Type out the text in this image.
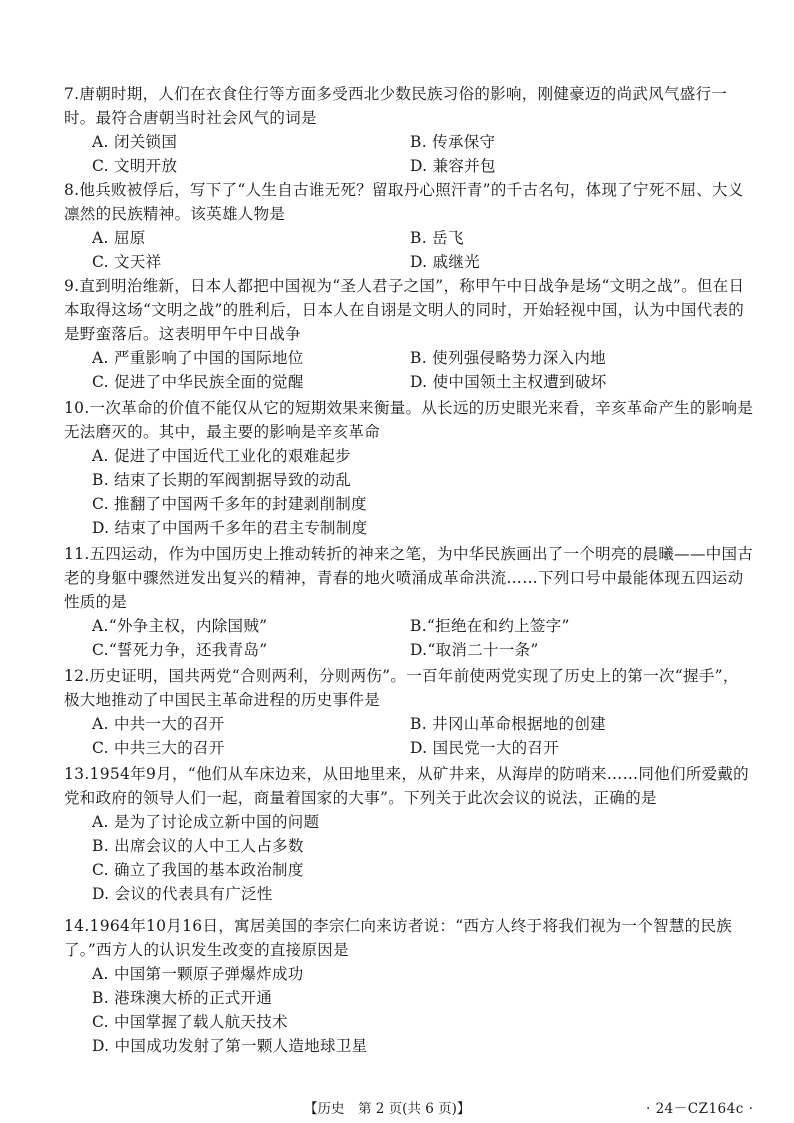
7.唐朝时期，人们在衣食住行等方面多受西北少数民族习俗的影响，刚健豪迈的尚武风气盛行一时。最符合唐朝当时社会风气的词是

A. 闭关锁国	B. 传承保守
C. 文明开放	D. 兼容并包

8.他兵败被俘后，写下了“人生自古谁无死？留取丹心照汗青”的千古名句，体现了宁死不屈、大义凛然的民族精神。该英雄人物是

A. 屈原	B. 岳飞
C. 文天祥	D. 戚继光

9.直到明治维新，日本人都把中国视为“圣人君子之国”，称甲午中日战争是场“文明之战”。但在日本取得这场“文明之战”的胜利后，日本人在自诩是文明人的同时，开始轻视中国，认为中国代表的是野蛮落后。这表明甲午中日战争

A. 严重影响了中国的国际地位	B. 使列强侵略势力深入内地
C. 促进了中华民族全面的觉醒	D. 使中国领土主权遭到破坏

10.一次革命的价值不能仅从它的短期效果来衡量。从长远的历史眼光来看，辛亥革命产生的影响是无法磨灭的。其中，最主要的影响是辛亥革命

A. 促进了中国近代工业化的艰难起步
B. 结束了长期的军阀割据导致的动乱
C. 推翻了中国两千多年的封建剥削制度
D. 结束了中国两千多年的君主专制制度

11.五四运动，作为中国历史上推动转折的神来之笔，为中华民族画出了一个明亮的晨曦——中国古老的身躯中骤然迸发出复兴的精神，青春的地火喷涌成革命洪流……下列口号中最能体现五四运动性质的是

A.“外争主权，内除国贼”	B.“拒绝在和约上签字”
C.“誓死力争，还我青岛”	D.“取消二十一条”

12.历史证明，国共两党“合则两利，分则两伤”。一百年前使两党实现了历史上的第一次“握手”，极大地推动了中国民主革命进程的历史事件是

A. 中共一大的召开	B. 井冈山革命根据地的创建
C. 中共三大的召开	D. 国民党一大的召开

13.1954年9月，“他们从车床边来，从田地里来，从矿井来，从海岸的防哨来……同他们所爱戴的党和政府的领导人们一起，商量着国家的大事”。下列关于此次会议的说法，正确的是

A. 是为了讨论成立新中国的问题
B. 出席会议的人中工人占多数
C. 确立了我国的基本政治制度
D. 会议的代表具有广泛性

14.1964年10月16日，寓居美国的李宗仁向来访者说：“西方人终于将我们视为一个智慧的民族了。”西方人的认识发生改变的直接原因是

A. 中国第一颗原子弹爆炸成功
B. 港珠澳大桥的正式开通
C. 中国掌握了载人航天技术
D. 中国成功发射了第一颗人造地球卫星
【历史　第 2 页(共 6 页)】	· 24－CZ164c ·
